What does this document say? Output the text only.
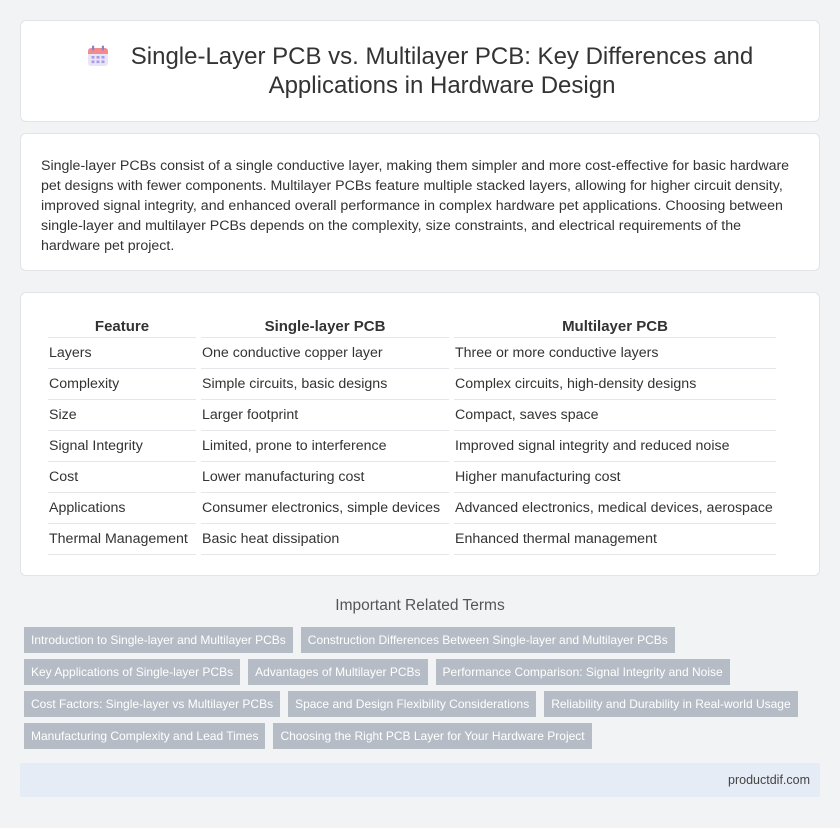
Single-Layer PCB vs. Multilayer PCB: Key Differences and
Applications in Hardware Design

Single-layer PCBs consist of a single conductive layer, making them simpler and more cost-effective for basic hardware pet designs with fewer components. Multilayer PCBs feature multiple stacked layers, allowing for higher circuit density, improved signal integrity, and enhanced overall performance in complex hardware pet applications. Choosing between single-layer and multilayer PCBs depends on the complexity, size constraints, and electrical requirements of the hardware pet project.

Feature	Single-layer PCB	Multilayer PCB
Layers	One conductive copper layer	Three or more conductive layers
Complexity	Simple circuits, basic designs	Complex circuits, high-density designs
Size	Larger footprint	Compact, saves space
Signal Integrity	Limited, prone to interference	Improved signal integrity and reduced noise
Cost	Lower manufacturing cost	Higher manufacturing cost
Applications	Consumer electronics, simple devices	Advanced electronics, medical devices, aerospace
Thermal Management	Basic heat dissipation	Enhanced thermal management
Important Related Terms
Introduction to Single-layer and Multilayer PCBs	Construction Differences Between Single-layer and Multilayer PCBs
Key Applications of Single-layer PCBs	Advantages of Multilayer PCBs	Performance Comparison: Signal Integrity and Noise
Cost Factors: Single-layer vs Multilayer PCBs	Space and Design Flexibility Considerations	Reliability and Durability in Real-world Usage
Manufacturing Complexity and Lead Times	Choosing the Right PCB Layer for Your Hardware Project
productdif.com
